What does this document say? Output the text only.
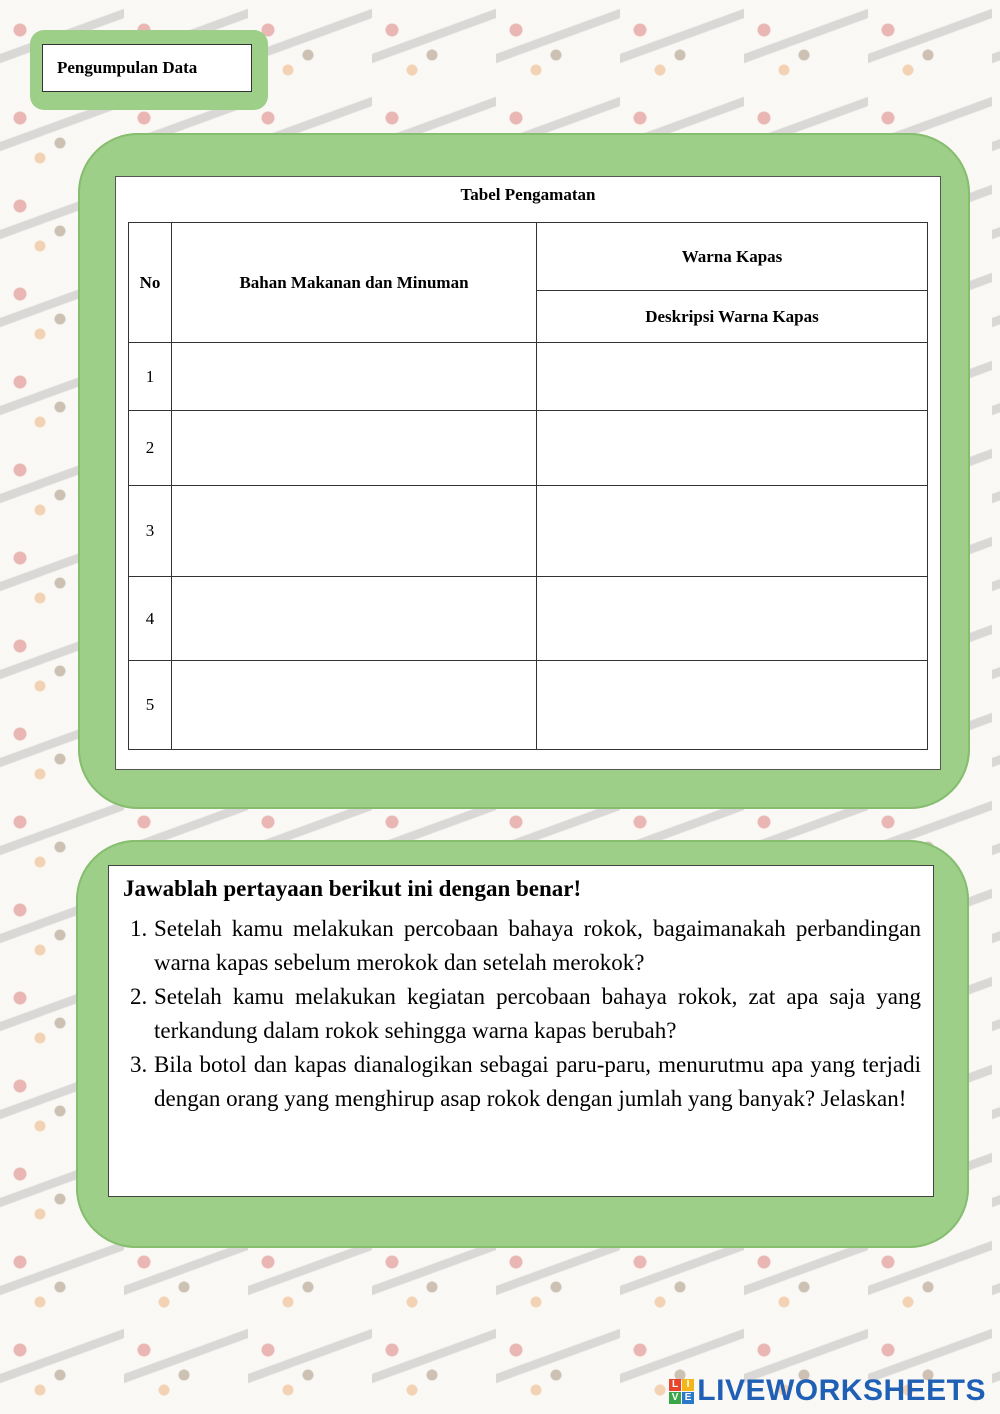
Pengumpulan Data
Tabel Pengamatan
No	Bahan Makanan dan Minuman	Warna Kapas
		Deskripsi Warna Kapas
1		
2		
3		
4		
5		
Jawablah pertayaan berikut ini dengan benar!
1. Setelah kamu melakukan percobaan bahaya rokok, bagaimanakah perbandingan warna kapas sebelum merokok dan setelah merokok?
2. Setelah kamu melakukan kegiatan percobaan bahaya rokok, zat apa saja yang terkandung dalam rokok sehingga warna kapas berubah?
3. Bila botol dan kapas dianalogikan sebagai paru-paru, menurutmu apa yang terjadi dengan orang yang menghirup asap rokok dengan jumlah yang banyak? Jelaskan!
L I
V E LIVEWORKSHEETS
